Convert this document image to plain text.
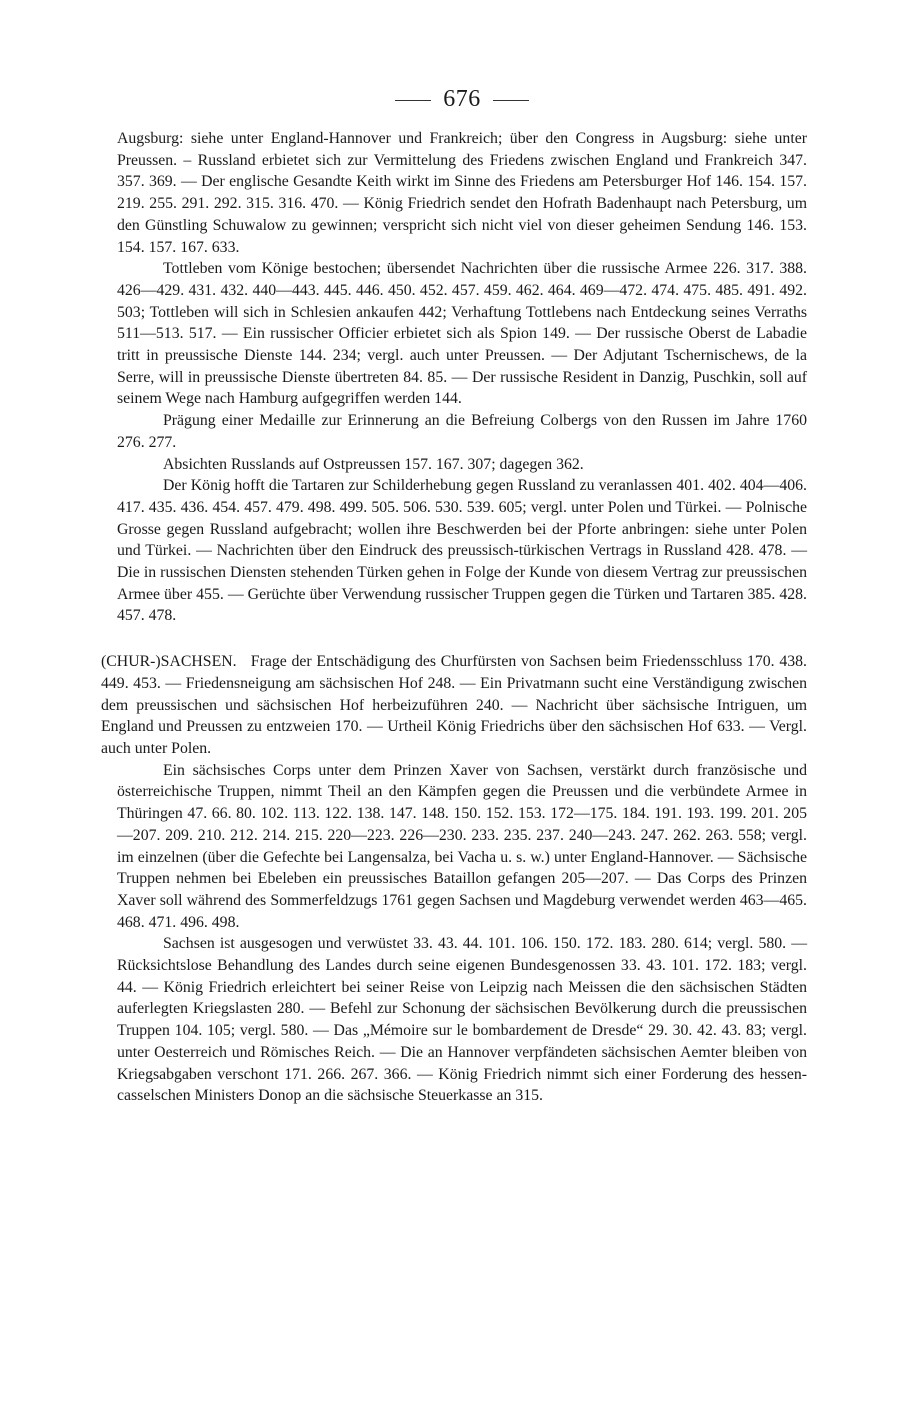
676

Augsburg: siehe unter England-Hannover und Frankreich; über den Congress in Augsburg: siehe unter Preussen. – Russland erbietet sich zur Vermittelung des Friedens zwischen England und Frankreich 347. 357. 369. — Der englische Gesandte Keith wirkt im Sinne des Friedens am Petersburger Hof 146. 154. 157. 219. 255. 291. 292. 315. 316. 470. — König Friedrich sendet den Hofrath Badenhaupt nach Petersburg, um den Günstling Schuwalow zu gewinnen; verspricht sich nicht viel von dieser geheimen Sendung 146. 153. 154. 157. 167. 633.

Tottleben vom Könige bestochen; übersendet Nachrichten über die russische Armee 226. 317. 388. 426—429. 431. 432. 440—443. 445. 446. 450. 452. 457. 459. 462. 464. 469—472. 474. 475. 485. 491. 492. 503; Tottleben will sich in Schlesien ankaufen 442; Verhaftung Tottlebens nach Entdeckung seines Verraths 511—513. 517. — Ein russischer Officier erbietet sich als Spion 149. — Der russische Oberst de Labadie tritt in preussische Dienste 144. 234; vergl. auch unter Preussen. — Der Adjutant Tschernischews, de la Serre, will in preussische Dienste übertreten 84. 85. — Der russische Resident in Danzig, Puschkin, soll auf seinem Wege nach Hamburg aufgegriffen werden 144.

Prägung einer Medaille zur Erinnerung an die Befreiung Colbergs von den Russen im Jahre 1760 276. 277.

Absichten Russlands auf Ostpreussen 157. 167. 307; dagegen 362.

Der König hofft die Tartaren zur Schilderhebung gegen Russland zu veranlassen 401. 402. 404—406. 417. 435. 436. 454. 457. 479. 498. 499. 505. 506. 530. 539. 605; vergl. unter Polen und Türkei. — Polnische Grosse gegen Russland aufgebracht; wollen ihre Beschwerden bei der Pforte anbringen: siehe unter Polen und Türkei. — Nachrichten über den Eindruck des preussisch-türkischen Vertrags in Russland 428. 478. — Die in russischen Diensten stehenden Türken gehen in Folge der Kunde von diesem Vertrag zur preussischen Armee über 455. — Gerüchte über Verwendung russischer Truppen gegen die Türken und Tartaren 385. 428. 457. 478.

(CHUR-)SACHSEN. Frage der Entschädigung des Churfürsten von Sachsen beim Friedensschluss 170. 438. 449. 453. — Friedensneigung am sächsischen Hof 248. — Ein Privatmann sucht eine Verständigung zwischen dem preussischen und sächsischen Hof herbeizuführen 240. — Nachricht über sächsische Intriguen, um England und Preussen zu entzweien 170. — Urtheil König Friedrichs über den sächsischen Hof 633. — Vergl. auch unter Polen.

Ein sächsisches Corps unter dem Prinzen Xaver von Sachsen, verstärkt durch französische und österreichische Truppen, nimmt Theil an den Kämpfen gegen die Preussen und die verbündete Armee in Thüringen 47. 66. 80. 102. 113. 122. 138. 147. 148. 150. 152. 153. 172—175. 184. 191. 193. 199. 201. 205—207. 209. 210. 212. 214. 215. 220—223. 226—230. 233. 235. 237. 240—243. 247. 262. 263. 558; vergl. im einzelnen (über die Gefechte bei Langensalza, bei Vacha u. s. w.) unter England-Hannover. — Sächsische Truppen nehmen bei Ebeleben ein preussisches Bataillon gefangen 205—207. — Das Corps des Prinzen Xaver soll während des Sommerfeldzugs 1761 gegen Sachsen und Magdeburg verwendet werden 463—465. 468. 471. 496. 498.

Sachsen ist ausgesogen und verwüstet 33. 43. 44. 101. 106. 150. 172. 183. 280. 614; vergl. 580. — Rücksichtslose Behandlung des Landes durch seine eigenen Bundesgenossen 33. 43. 101. 172. 183; vergl. 44. — König Friedrich erleichtert bei seiner Reise von Leipzig nach Meissen die den sächsischen Städten auferlegten Kriegslasten 280. — Befehl zur Schonung der sächsischen Bevölkerung durch die preussischen Truppen 104. 105; vergl. 580. — Das „Mémoire sur le bombardement de Dresde“ 29. 30. 42. 43. 83; vergl. unter Oesterreich und Römisches Reich. — Die an Hannover verpfändeten sächsischen Aemter bleiben von Kriegsabgaben verschont 171. 266. 267. 366. — König Friedrich nimmt sich einer Forderung des hessen-casselschen Ministers Donop an die sächsische Steuerkasse an 315.
